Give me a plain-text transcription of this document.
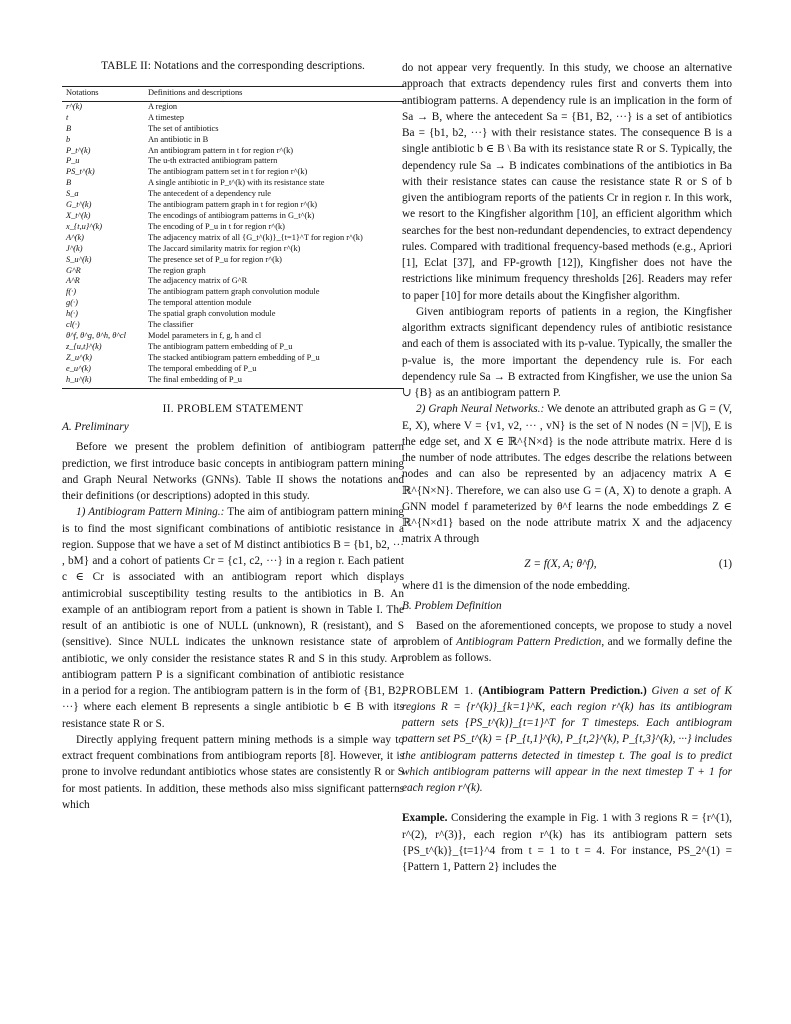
TABLE II: Notations and the corresponding descriptions.
Notations	Definitions and descriptions
r^(k)	A region
t	A timestep
B	The set of antibiotics
b	An antibiotic in B
P_t^(k)	An antibiogram pattern in t for region r^(k)
P_u	The u-th extracted antibiogram pattern
PS_t^(k)	The antibiogram pattern set in t for region r^(k)
B	A single antibiotic in P_t^(k) with its resistance state
S_a	The antecedent of a dependency rule
G_t^(k)	The antibiogram pattern graph in t for region r^(k)
X_t^(k)	The encodings of antibiogram patterns in G_t^(k)
x_{t,u}^(k)	The encoding of P_u in t for region r^(k)
A^(k)	The adjacency matrix of all {G_t^(k)}_{t=1}^T for region r^(k)
J^(k)	The Jaccard similarity matrix for region r^(k)
S_u^(k)	The presence set of P_u for region r^(k)
G^R	The region graph
A^R	The adjacency matrix of G^R
f(·)	The antibiogram pattern graph convolution module
g(·)	The temporal attention module
h(·)	The spatial graph convolution module
cl(·)	The classifier
θ^f, θ^g, θ^h, θ^cl	Model parameters in f, g, h and cl
z_{u,t}^(k)	The antibiogram pattern embedding of P_u
Z_u^(k)	The stacked antibiogram pattern embedding of P_u
e_u^(k)	The temporal embedding of P_u
h_u^(k)	The final embedding of P_u
II. PROBLEM STATEMENT
A. Preliminary

Before we present the problem definition of antibiogram pattern prediction, we first introduce basic concepts in antibiogram pattern mining and Graph Neural Networks (GNNs). Table II shows the notations and their definitions (or descriptions) adopted in this study.

1) Antibiogram Pattern Mining.: The aim of antibiogram pattern mining is to find the most significant combinations of antibiotic resistance in a region. Suppose that we have a set of M distinct antibiotics B = {b1, b2, ··· , bM} and a cohort of patients Cr = {c1, c2, ···} in a region r. Each patient c ∈ Cr is associated with an antibiogram report which displays antimicrobial susceptibility testing results to the antibiotics in B. An example of an antibiogram report from a patient is shown in Table I. The result of an antibiotic is one of NULL (unknown), R (resistant), and S (sensitive). Since NULL indicates the unknown resistance state of an antibiotic, we only consider the resistance states R and S in this study. An antibiogram pattern P is a significant combination of antibiotic resistance in a period for a region. The antibiogram pattern is in the form of {B1, B2, ···} where each element B represents a single antibiotic b ∈ B with its resistance state R or S.

Directly applying frequent pattern mining methods is a simple way to extract frequent combinations from antibiogram reports [8]. However, it is prone to involve redundant antibiotics whose states are consistently R or S for most patients. In addition, these methods also miss significant patterns which

do not appear very frequently. In this study, we choose an alternative approach that extracts dependency rules first and converts them into antibiogram patterns. A dependency rule is an implication in the form of Sa → B, where the antecedent Sa = {B1, B2, ···} is a set of antibiotics Ba = {b1, b2, ···} with their resistance states. The consequence B is a single antibiotic b ∈ B \ Ba with its resistance state R or S. Typically, the dependency rule Sa → B indicates combinations of the antibiotics in Ba with their resistance states can cause the resistance state R or S of b given the antibiogram reports of the patients Cr in region r. In this work, we resort to the Kingfisher algorithm [10], an efficient algorithm which searches for the best non-redundant dependencies, to extract dependency rules. Compared with traditional frequency-based methods (e.g., Apriori [1], Eclat [37], and FP-growth [12]), Kingfisher does not have the restrictions like minimum frequency thresholds [26]. Readers may refer to paper [10] for more details about the Kingfisher algorithm.

Given antibiogram reports of patients in a region, the Kingfisher algorithm extracts significant dependency rules of antibiotic resistance and each of them is associated with its p-value. Typically, the smaller the p-value is, the more important the dependency rule is. For each dependency rule Sa → B extracted from Kingfisher, we use the union Sa ∪ {B} as an antibiogram pattern P.

2) Graph Neural Networks.: We denote an attributed graph as G = (V, E, X), where V = {v1, v2, ··· , vN} is the set of N nodes (N = |V|), E is the edge set, and X ∈ ℝ^{N×d} is the node attribute matrix. Here d is the number of node attributes. The edges describe the relations between nodes and can also be represented by an adjacency matrix A ∈ ℝ^{N×N}. Therefore, we can also use G = (A, X) to denote a graph. A GNN model f parameterized by θ^f learns the node embeddings Z ∈ ℝ^{N×d1} based on the node attribute matrix X and the adjacency matrix A through

Z = f(X, A; θ^f),	(1)

where d1 is the dimension of the node embedding.

B. Problem Definition

Based on the aforementioned concepts, we propose to study a novel problem of Antibiogram Pattern Prediction, and we formally define the problem as follows.

PROBLEM 1. (Antibiogram Pattern Prediction.) Given a set of K regions R = {r^(k)}_{k=1}^K, each region r^(k) has its antibiogram pattern sets {PS_t^(k)}_{t=1}^T for T timesteps. Each antibiogram pattern set PS_t^(k) = {P_{t,1}^(k), P_{t,2}^(k), P_{t,3}^(k), ···} includes the antibiogram patterns detected in timestep t. The goal is to predict which antibiogram patterns will appear in the next timestep T + 1 for each region r^(k).

Example. Considering the example in Fig. 1 with 3 regions R = {r^(1), r^(2), r^(3)}, each region r^(k) has its antibiogram pattern sets {PS_t^(k)}_{t=1}^4 from t = 1 to t = 4. For instance, PS_2^(1) = {Pattern 1, Pattern 2} includes the
